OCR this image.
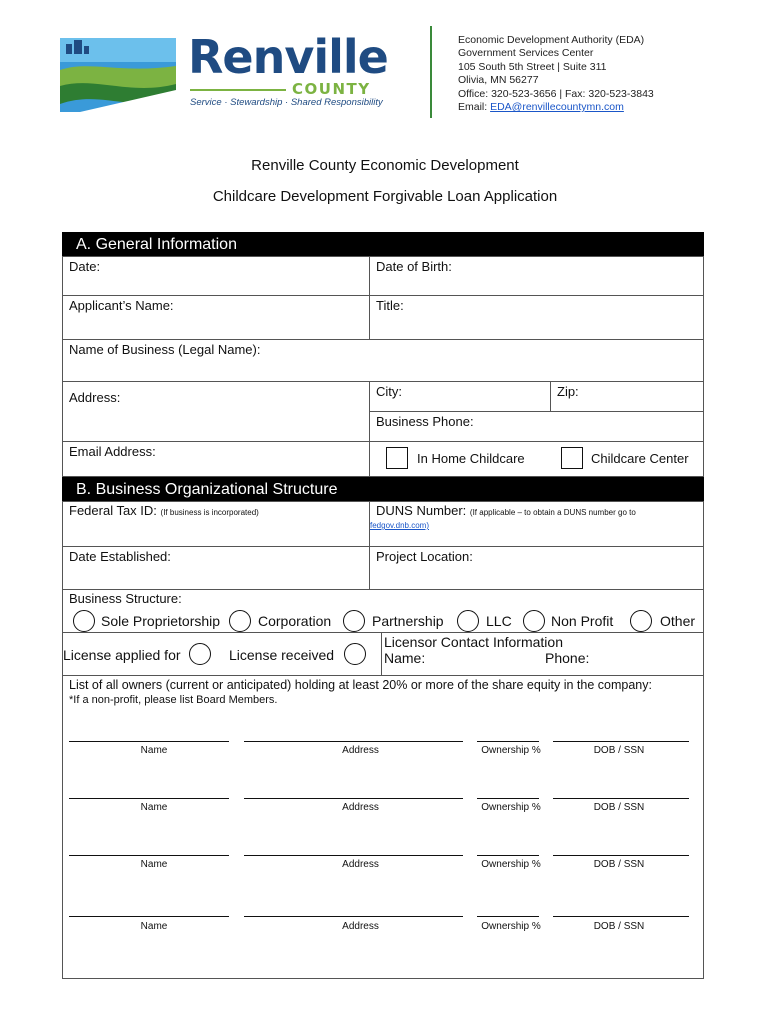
Renville
COUNTY
Service · Stewardship · Shared Responsibility
Economic Development Authority (EDA)
Government Services Center
105 South 5th Street | Suite 311
Olivia, MN 56277
Office: 320-523-3656 | Fax: 320-523-3843
Email: EDA@renvillecountymn.com
Renville County Economic Development
Childcare Development Forgivable Loan Application
A. General Information
Date:	Date of Birth:
Applicant’s Name:	Title:
Name of Business (Legal Name):
Address:	City:	Zip:
Business Phone:
Email Address:	In Home Childcare	Childcare Center
B. Business Organizational Structure
Federal Tax ID: (If business is incorporated)	DUNS Number: (If applicable – to obtain a DUNS number go to
fedgov.dnb.com)
Date Established:	Project Location:
Business Structure:
Sole Proprietorship	Corporation	Partnership	LLC	Non Profit	Other
License applied for	License received
Licensor Contact Information
Name:	Phone:
List of all owners (current or anticipated) holding at least 20% or more of the share equity in the company:
*If a non-profit, please list Board Members.
Name	Address	Ownership %	DOB / SSN
Name	Address	Ownership %	DOB / SSN
Name	Address	Ownership %	DOB / SSN
Name	Address	Ownership %	DOB / SSN
